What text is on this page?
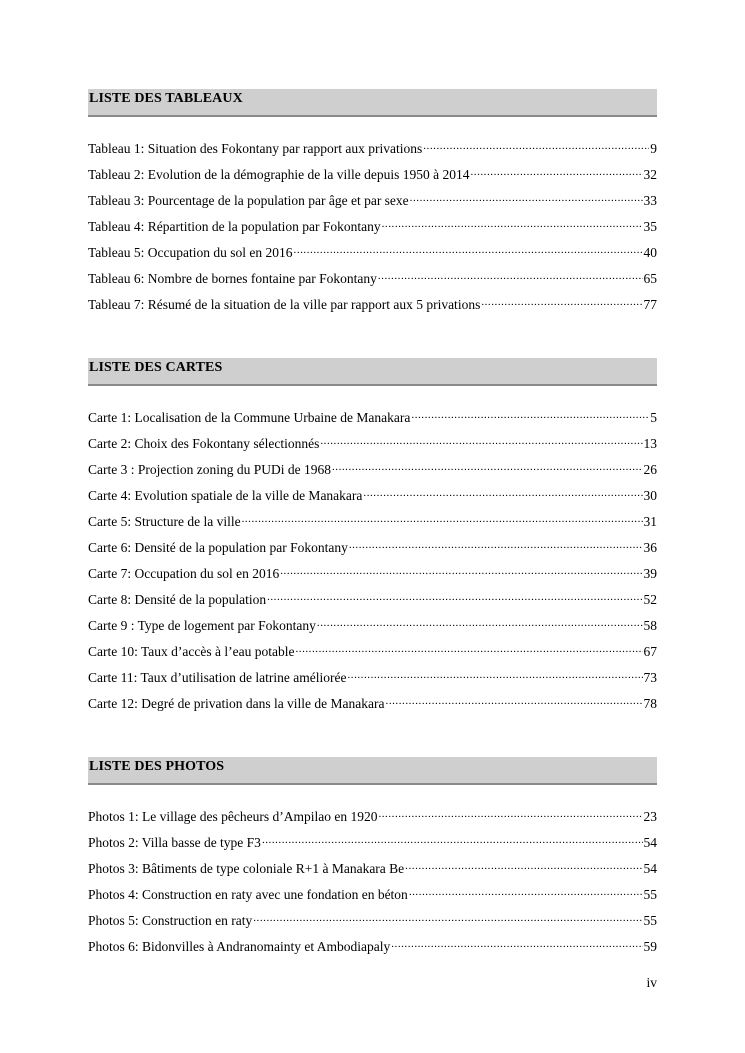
LISTE DES TABLEAUX
Tableau 1: Situation des Fokontany par rapport aux privations .....	9
Tableau 2: Evolution de la démographie de la ville depuis 1950 à 2014 .....	32
Tableau 3: Pourcentage de la population par âge et par sexe .....	33
Tableau 4: Répartition de la population par Fokontany .....	35
Tableau 5: Occupation du sol en 2016 .....	40
Tableau 6: Nombre de bornes fontaine par Fokontany .....	65
Tableau 7: Résumé de la situation de la ville par rapport aux 5 privations .....	77
LISTE DES CARTES
Carte 1: Localisation de la Commune Urbaine de Manakara .....	5
Carte 2: Choix des Fokontany sélectionnés .....	13
Carte 3 : Projection zoning du PUDi de 1968 .....	26
Carte 4: Evolution spatiale de la ville de Manakara .....	30
Carte 5: Structure de la ville .....	31
Carte 6: Densité de la population par Fokontany .....	36
Carte 7: Occupation du sol en 2016 .....	39
Carte 8: Densité de la population .....	52
Carte 9 : Type de logement par Fokontany .....	58
Carte 10: Taux d’accès à l’eau potable .....	67
Carte 11: Taux d’utilisation de latrine améliorée .....	73
Carte 12: Degré de privation dans la ville de Manakara .....	78
LISTE DES PHOTOS
Photos 1: Le village des pêcheurs d’Ampilao en 1920 .....	23
Photos 2: Villa basse de type F3 .....	54
Photos 3: Bâtiments de type coloniale R+1 à Manakara Be .....	54
Photos 4: Construction en raty avec une fondation en béton .....	55
Photos 5: Construction en raty .....	55
Photos 6: Bidonvilles à Andranomainty et Ambodiapaly .....	59
iv
